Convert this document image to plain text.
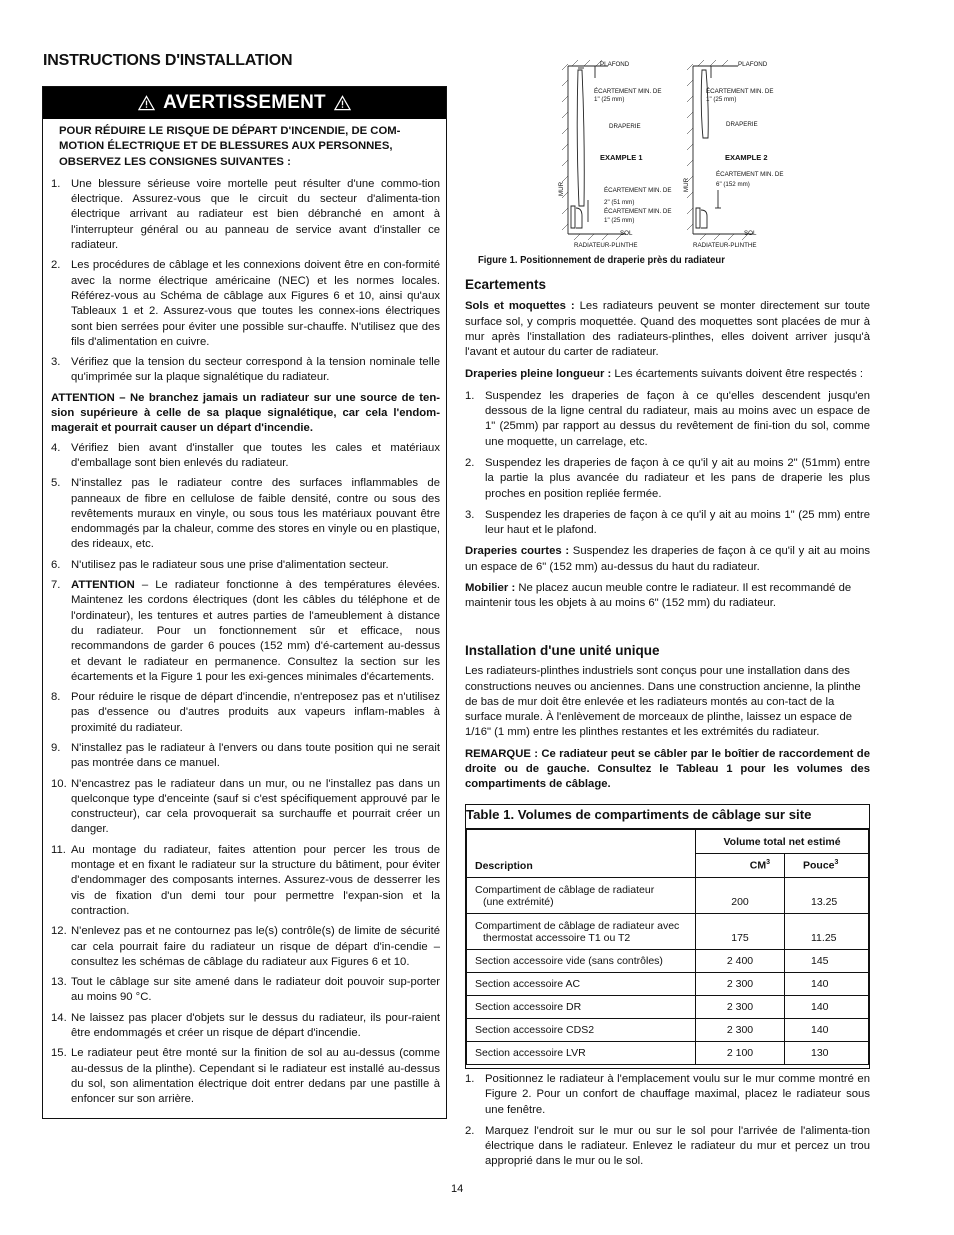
INSTRUCTIONS D'INSTALLATION
AVERTISSEMENT
POUR RÉDUIRE LE RISQUE DE DÉPART D'INCENDIE, DE COM-MOTION ÉLECTRIQUE ET DE BLESSURES AUX PERSONNES, OBSERVEZ LES CONSIGNES SUIVANTES :
1. Une blessure sérieuse voire mortelle peut résulter d'une commo-tion électrique. Assurez-vous que le circuit du secteur d'alimenta-tion électrique arrivant au radiateur est bien débranché en amont à l'interrupteur général ou au panneau de service avant d'installer ce radiateur.
2. Les procédures de câblage et les connexions doivent être en con-formité avec la norme électrique américaine (NEC) et les normes locales. Référez-vous au Schéma de câblage aux Figures 6 et 10, ainsi qu'aux Tableaux 1 et 2. Assurez-vous que toutes les connex-ions électriques sont bien serrées pour éviter une possible sur-chauffe. N'utilisez que des fils d'alimentation en cuivre.
3. Vérifiez que la tension du secteur correspond à la tension nominale telle qu'imprimée sur la plaque signalétique du radiateur.
ATTENTION – Ne branchez jamais un radiateur sur une source de ten-sion supérieure à celle de sa plaque signalétique, car cela l'endom-magerait et pourrait causer un départ d'incendie.
4. Vérifiez bien avant d'installer que toutes les cales et matériaux d'emballage sont bien enlevés du radiateur.
5. N'installez pas le radiateur contre des surfaces inflammables de panneaux de fibre en cellulose de faible densité, contre ou sous des revêtements muraux en vinyle, ou sous tous les matériaux pouvant être endommagés par la chaleur, comme des stores en vinyle ou en plastique, des rideaux, etc.
6. N'utilisez pas le radiateur sous une prise d'alimentation secteur.
7. ATTENTION – Le radiateur fonctionne à des températures élevées. Maintenez les cordons électriques (dont les câbles du téléphone et de l'ordinateur), les tentures et autres parties de l'ameublement à distance du radiateur. Pour un fonctionnement sûr et efficace, nous recommandons de garder 6 pouces (152 mm) d'é-cartement au-dessus et devant le radiateur en permanence. Consultez la section sur les écartements et la Figure 1 pour les exi-gences minimales d'écartements.
8. Pour réduire le risque de départ d'incendie, n'entreposez pas et n'utilisez pas d'essence ou d'autres produits aux vapeurs inflam-mables à proximité du radiateur.
9. N'installez pas le radiateur à l'envers ou dans toute position qui ne serait pas montrée dans ce manuel.
10. N'encastrez pas le radiateur dans un mur, ou ne l'installez pas dans un quelconque type d'enceinte (sauf si c'est spécifiquement approuvé par le constructeur), car cela provoquerait sa surchauffe et pourrait créer un danger.
11. Au montage du radiateur, faites attention pour percer les trous de montage et en fixant le radiateur sur la structure du bâtiment, pour éviter d'endommager des composants internes. Assurez-vous de desserrer les vis de fixation d'un demi tour pour permettre l'expan-sion et la contraction.
12. N'enlevez pas et ne contournez pas le(s) contrôle(s) de limite de sécurité car cela pourrait faire du radiateur un risque de départ d'in-cendie – consultez les schémas de câblage du radiateur aux Figures 6 et 10.
13. Tout le câblage sur site amené dans le radiateur doit pouvoir sup-porter au moins 90 °C.
14. Ne laissez pas placer d'objets sur le dessus du radiateur, ils pour-raient être endommagés et créer un risque de départ d'incendie.
15. Le radiateur peut être monté sur la finition de sol au au-dessus (comme au-dessus de la plinthe). Cependant si le radiateur est installé au-dessus du sol, son alimentation électrique doit entrer dedans par une pastille à enfoncer sur son arrière.
PLAFOND
ÉCARTEMENT MIN. DE
1" (25 mm)
DRAPERIE
EXAMPLE 1
MUR	ÉCARTEMENT MIN. DE
2" (51 mm)
ÉCARTEMENT MIN. DE
1" (25 mm)
SOL
RADIATEUR-PLINTHE
PLAFOND
ÉCARTEMENT MIN. DE
1" (25 mm)
DRAPERIE
EXAMPLE 2
MUR
ÉCARTEMENT MIN. DE
6" (152 mm)
SOL
RADIATEUR-PLINTHE
Figure 1. Positionnement de draperie près du radiateur
Ecartements

Sols et moquettes : Les radiateurs peuvent se monter directement sur toute surface sol, y compris moquettée. Quand des moquettes sont placées de mur à mur après l'installation des radiateurs-plinthes, elles doivent arriver jusqu'à l'avant et autour du carter de radiateur.

Draperies pleine longueur : Les écartements suivants doivent être respectés :

1. Suspendez les draperies de façon à ce qu'elles descendent jusqu'en dessous de la ligne central du radiateur, mais au moins avec un espace de 1" (25mm) par rapport au dessus du revêtement de fini-tion du sol, comme une moquette, un carrelage, etc.
2. Suspendez les draperies de façon à ce qu'il y ait au moins 2" (51mm) entre la partie la plus avancée du radiateur et les pans de draperie les plus proches en position repliée fermée.
3. Suspendez les draperies de façon à ce qu'il y ait au moins 1" (25 mm) entre leur haut et le plafond.

Draperies courtes : Suspendez les draperies de façon à ce qu'il y ait au moins un espace de 6" (152 mm) au-dessus du haut du radiateur.

Mobilier : Ne placez aucun meuble contre le radiateur. Il est recommandé de maintenir tous les objets à au moins 6" (152 mm) du radiateur.

Installation d'une unité unique

Les radiateurs-plinthes industriels sont conçus pour une installation dans des constructions neuves ou anciennes. Dans une construction ancienne, la plinthe de bas de mur doit être enlevée et les radiateurs montés au con-tact de la surface murale. À l'enlèvement de morceaux de plinthe, laissez un espace de 1/16" (1 mm) entre les plinthes restantes et les extrémités du radiateur.

REMARQUE : Ce radiateur peut se câbler par le boîtier de raccordement de droite ou de gauche. Consultez le Tableau 1 pour les volumes des compartiments de câblage.

Table 1. Volumes de compartiments de câblage sur site
Description	Volume total net estimé	
	$CM^3$	Pouce$^3$

Compartiment de câblage de radiateur
(une extrémité)	200	13.25

Compartiment de câblage de radiateur avec
thermostat accessoire T1 ou T2	175	11.25

Section accessoire vide (sans contrôles)	2 400	145

Section accessoire AC	2 300	140

Section accessoire DR	2 300	140

Section accessoire CDS2	2 300	140

Section accessoire LVR	2 100	130
1. Positionnez le radiateur à l'emplacement voulu sur le mur comme montré en Figure 2. Pour un confort de chauffage maximal, placez le radiateur sous une fenêtre.
2. Marquez l'endroit sur le mur ou sur le sol pour l'arrivée de l'alimenta-tion électrique dans le radiateur. Enlevez le radiateur du mur et percez un trou approprié dans le mur ou le sol.
14
